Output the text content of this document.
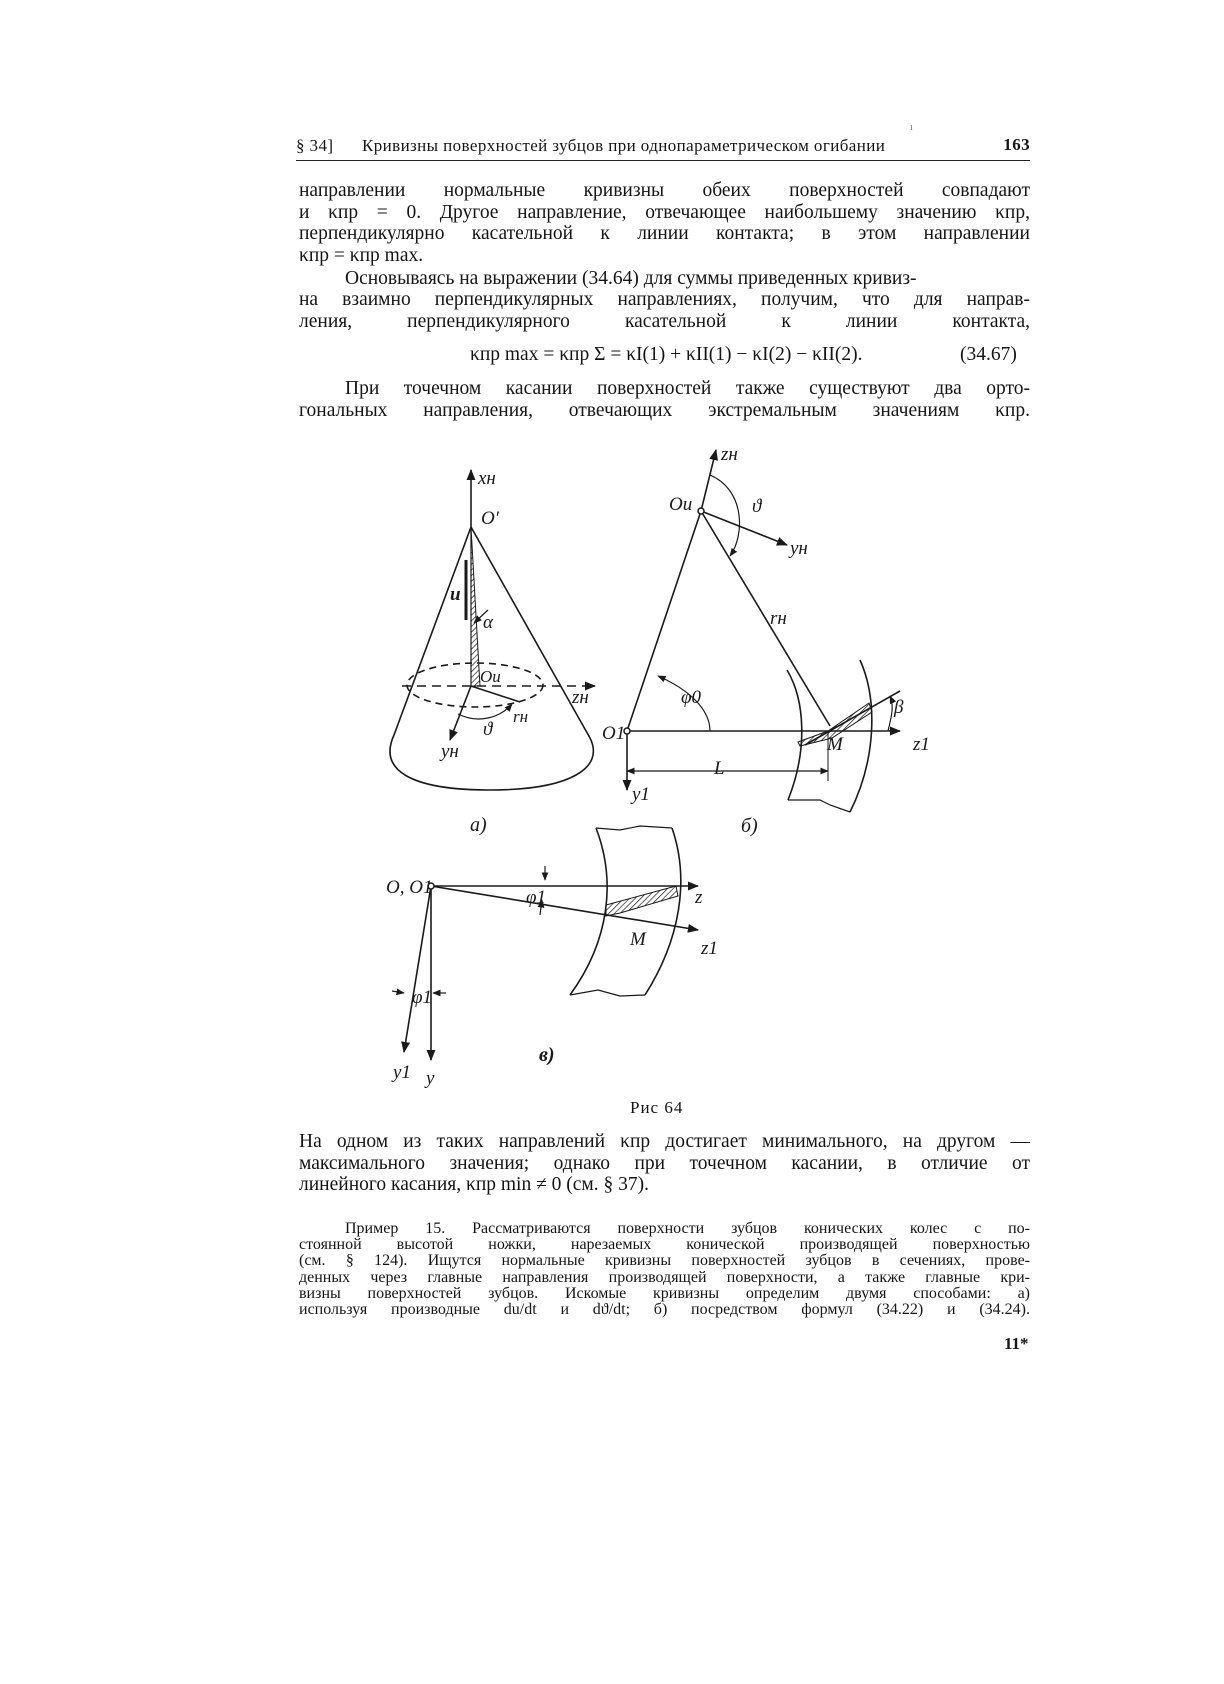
ı
§ 34] Кривизны поверхностей зубцов при однопараметрическом огибании	163
направлении нормальные кривизны обеих поверхностей совпадают
и κпр = 0. Другое направление, отвечающее наибольшему значению κпр,
перпендикулярно касательной к линии контакта; в этом направлении
κпр = κпр max.
Основываясь на выражении (34.64) для суммы приведенных кривиз-
на взаимно перпендикулярных направлениях, получим, что для направ-
ления, перпендикулярного касательной к линии контакта,
κпр max = κпр Σ = κI(1) + κII(1) − κI(2) − κII(2).	(34.67)
При точечном касании поверхностей также существуют два орто-
гональных направления, отвечающих экстремальным значениям κпр.
xн
O′
u
α
Oи
zн
rн
ϑ
yн
zн
Oи	ϑ
yн
rн
φ0	β
O1
M	z1
L
y1
O, O1	φ1	z
M	z1
φ1
y1 y
а)	б)
в)
Рис 64
На одном из таких направлений κпр достигает минимального, на другом —
максимального значения; однако при точечном касании, в отличие от
линейного касания, κпр min ≠ 0 (см. § 37).
Пример 15. Рассматриваются поверхности зубцов конических колес с по-
стоянной высотой ножки, нарезаемых конической производящей поверхностью
(см. § 124). Ищутся нормальные кривизны поверхностей зубцов в сечениях, прове-
денных через главные направления производящей поверхности, а также главные кри-
визны поверхностей зубцов. Искомые кривизны определим двумя способами: а)
используя производные du/dt и dϑ/dt; б) посредством формул (34.22) и (34.24).
11*
